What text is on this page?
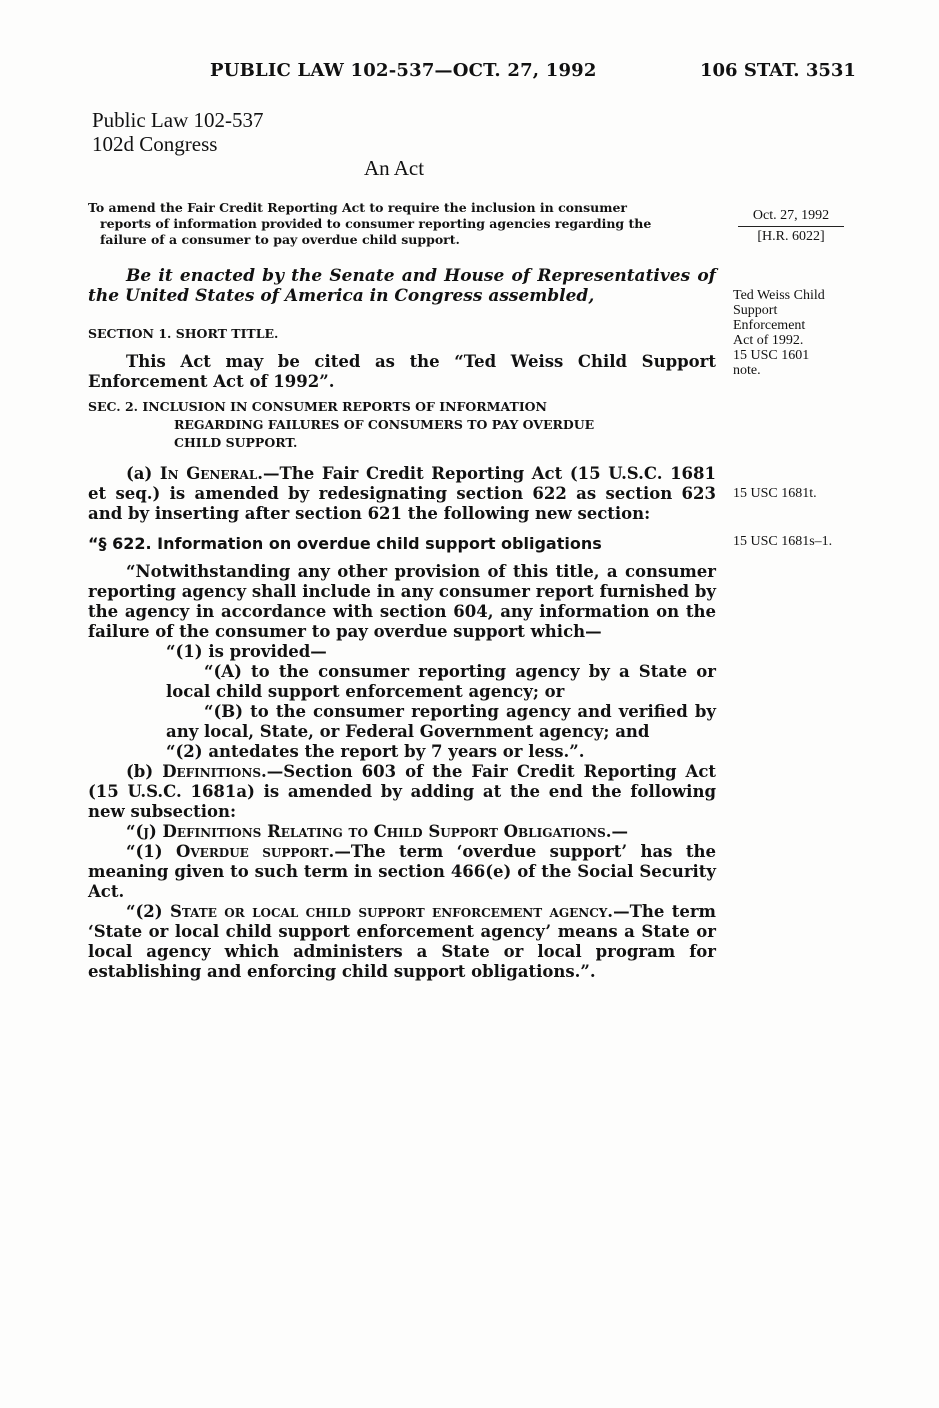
PUBLIC LAW 102-537—OCT. 27, 1992	106 STAT. 3531
Public Law 102-537
102d Congress
An Act
To amend the Fair Credit Reporting Act to require the inclusion in consumer
reports of information provided to consumer reporting agencies regarding the
failure of a consumer to pay overdue child support.
Oct. 27, 1992
[H.R. 6022]
Be it enacted by the Senate and House of Representatives of the United States of America in Congress assembled,	Ted Weiss Child
Support
Enforcement
Act of 1992.
15 USC 1601
note.
SECTION 1. SHORT TITLE.
This Act may be cited as the “Ted Weiss Child Support Enforcement Act of 1992”.
SEC. 2. INCLUSION IN CONSUMER REPORTS OF INFORMATION
REGARDING FAILURES OF CONSUMERS TO PAY OVERDUE
CHILD SUPPORT.
(a) In General.—The Fair Credit Reporting Act (15 U.S.C. 1681 et seq.) is amended by redesignating section 622 as section 623 and by inserting after section 621 the following new section:
15 USC 1681t.
“§ 622. Information on overdue child support obligations	15 USC 1681s–1.
“Notwithstanding any other provision of this title, a consumer reporting agency shall include in any consumer report furnished by the agency in accordance with section 604, any information on the failure of the consumer to pay overdue support which—
“(1) is provided—
“(A) to the consumer reporting agency by a State or local child support enforcement agency; or
“(B) to the consumer reporting agency and verified by any local, State, or Federal Government agency; and
“(2) antedates the report by 7 years or less.”.
(b) Definitions.—Section 603 of the Fair Credit Reporting Act (15 U.S.C. 1681a) is amended by adding at the end the following new subsection:
“(j) Definitions Relating to Child Support Obligations.—
“(1) Overdue support.—The term ‘overdue support’ has the meaning given to such term in section 466(e) of the Social Security Act.
“(2) State or local child support enforcement agency.—The term ‘State or local child support enforcement agency’ means a State or local agency which administers a State or local program for establishing and enforcing child support obligations.”.
